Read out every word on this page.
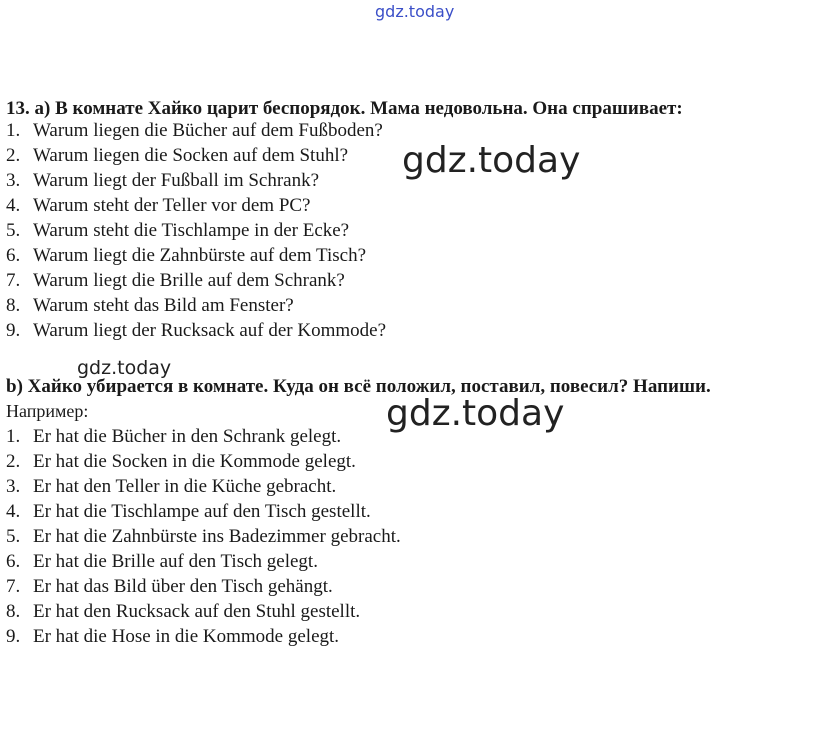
gdz.today
13. а) В комнате Хайко царит беспорядок. Мама недовольна. Она спрашивает:
1. Warum liegen die Bücher auf dem Fußboden?
2. Warum liegen die Socken auf dem Stuhl?
3. Warum liegt der Fußball im Schrank?
4. Warum steht der Teller vor dem PC?
5. Warum steht die Tischlampe in der Ecke?
6. Warum liegt die Zahnbürste auf dem Tisch?
7. Warum liegt die Brille auf dem Schrank?
8. Warum steht das Bild am Fenster?
9. Warum liegt der Rucksack auf der Kommode?
gdz.today
gdz.today
b) Хайко убирается в комнате. Куда он всё положил, поставил, повесил? Напиши.
Например:	gdz.today
1. Er hat die Bücher in den Schrank gelegt.
2. Er hat die Socken in die Kommode gelegt.
3. Er hat den Teller in die Küche gebracht.
4. Er hat die Tischlampe auf den Tisch gestellt.
5. Er hat die Zahnbürste ins Badezimmer gebracht.
6. Er hat die Brille auf den Tisch gelegt.
7. Er hat das Bild über den Tisch gehängt.
8. Er hat den Rucksack auf den Stuhl gestellt.
9. Er hat die Hose in die Kommode gelegt.
